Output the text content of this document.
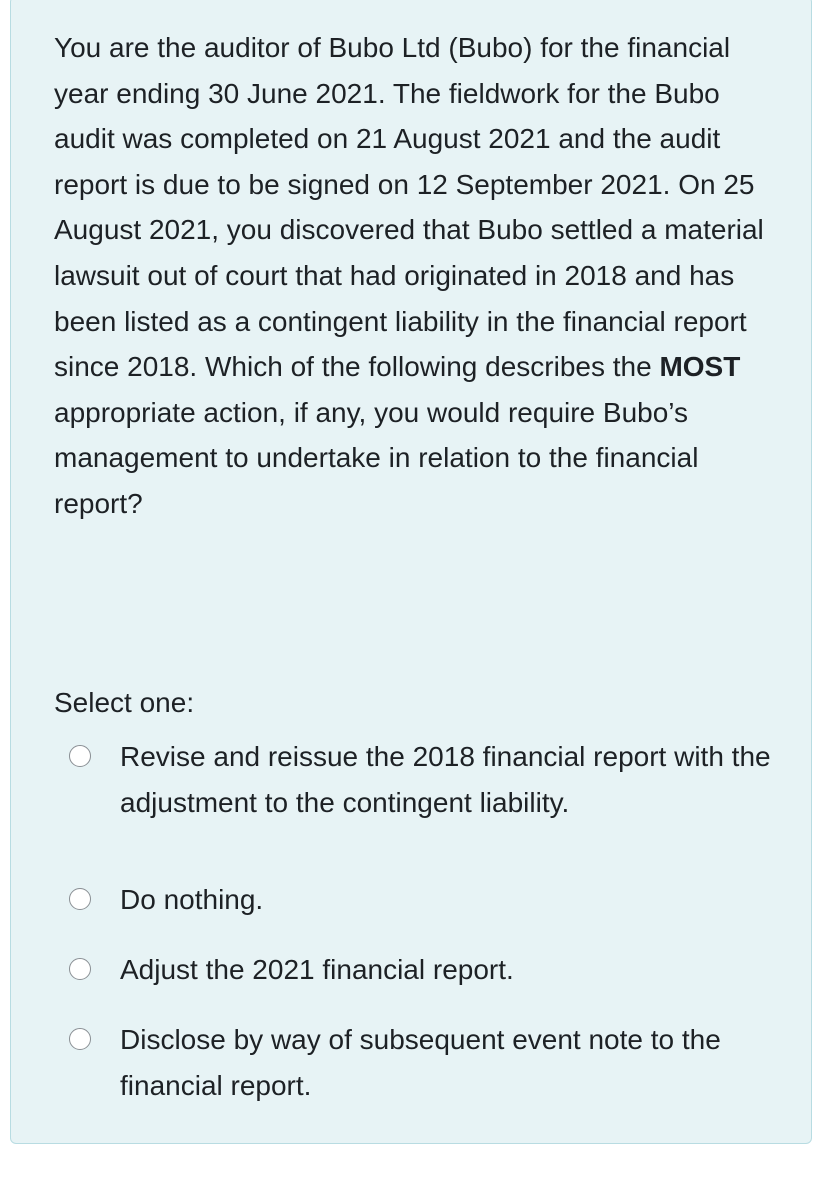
You are the auditor of Bubo Ltd (Bubo) for the financial year ending 30 June 2021. The fieldwork for the Bubo audit was completed on 21 August 2021 and the audit report is due to be signed on 12 September 2021. On 25 August 2021, you discovered that Bubo settled a material lawsuit out of court that had originated in 2018 and has been listed as a contingent liability in the financial report since 2018. Which of the following describes the MOST appropriate action, if any, you would require Bubo’s management to undertake in relation to the financial report?

Select one:

Revise and reissue the 2018 financial report with the adjustment to the contingent liability.
Do nothing.
Adjust the 2021 financial report.
Disclose by way of subsequent event note to the financial report.
